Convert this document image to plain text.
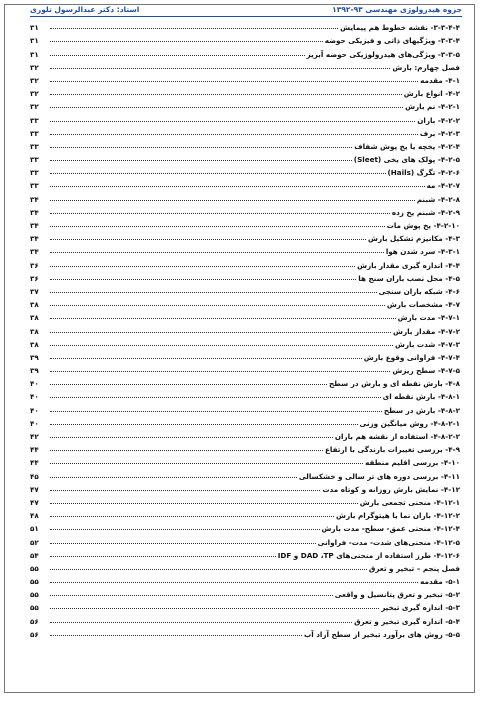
جزوه هیدرولوژی مهندسی ۹۳-۱۳۹۲
استاد: دکتر عبدالرسول تلوری
۳-۳-۴-۴- نقشه خطوط هم پیمایش
۳۱
۳-۳-۴- ویژگیهای ذاتی و فیزیکی حوضه
۳۱
۳-۳-۵- ویژگی‌های هیدرولوژیکی حوضه آبریز
۳۱
فصل چهارم: بارش
۳۲
۴-۱- مقدمه
۳۲
۴-۲- انواع بارش
۳۲
۴-۲-۱- نم بارش
۳۲
۴-۲-۲- باران
۳۳
۴-۲-۳- برف
۳۳
۴-۲-۴- یخچه یا یخ پوش شفاف
۳۳
۴-۲-۵- پولک های یخی (Sleet)
۳۳
۴-۲-۶- تگرگ (Hails)
۳۳
۴-۲-۷- مه
۳۳
۴-۲-۸- شبنم
۳۴
۴-۲-۹- شبنم یخ زده
۳۴
۴-۲-۱۰- یخ پوش مات
۳۴
۴-۳- مکانیزم تشکیل بارش
۳۴
۴-۳-۱- سرد شدن هوا
۳۴
۴-۴- اندازه گیری مقدار بارش
۳۶
۴-۵- محل نصب باران سنج ها
۳۶
۴-۶- شبکه باران سنجی
۳۷
۴-۷- مشخصات بارش
۳۸
۴-۷-۱- مدت بارش
۳۸
۴-۷-۲- مقدار بارش
۳۸
۴-۷-۳- شدت بارش
۳۸
۴-۷-۴- فراوانی وقوع بارش
۳۹
۴-۷-۵- سطح ریزش
۳۹
۴-۸- بارش نقطه ای و بارش در سطح
۴۰
۴-۸-۱- بارش نقطه ای
۴۰
۴-۸-۲- بارش در سطح
۴۰
۴-۸-۲-۱- روش میانگین وزنی
۴۰
۴-۸-۲-۲- استفاده از نقشه هم باران
۴۲
۴-۹- بررسی تغییرات بارندگی با ارتفاع
۴۴
۴-۱۰- بررسی اقلیم منطقه
۴۴
۴-۱۱- بررسی دوره های تر سالی و خشکسالی
۴۵
۴-۱۲- نمایش بارش روزانه و کوتاه مدت
۴۷
۴-۱۲-۱- منحنی تجمعی بارش
۴۷
۴-۱۲-۲- باران نما یا هیتوگرام بارش
۴۸
۴-۱۲-۴- منحنی عمق- سطح- مدت بارش
۵۱
۴-۱۲-۵- منحنی‌های شدت- مدت- فراوانی
۵۲
۴-۱۲-۶- طرز استفاده از منحنی‌های DAD ،TP و IDF
۵۴
فصل پنجم – تبخیر و تعرق
۵۵
۵-۱- مقدمه
۵۵
۵-۲- تبخیر و تعرق پتانسیل و واقعی
۵۵
۵-۳- اندازه گیری تبخیر
۵۵
۵-۴- اندازه گیری تبخیر و تعرق
۵۶
۵-۵- روش های برآورد تبخیر از سطح آزاد آب
۵۶
